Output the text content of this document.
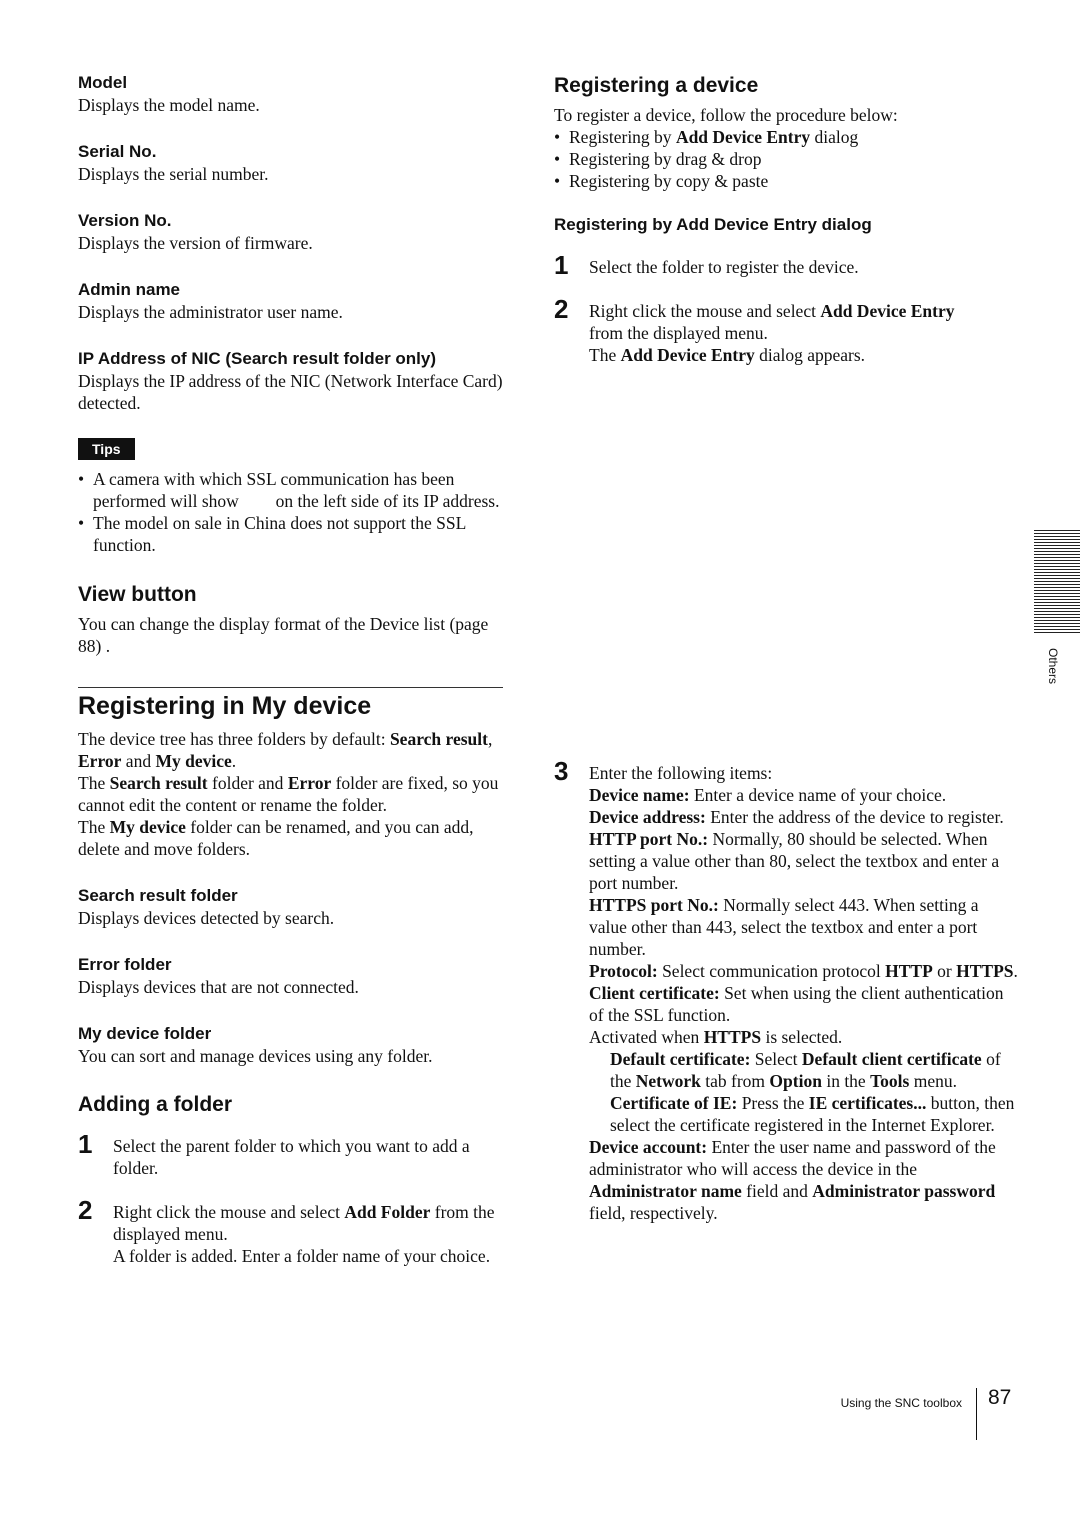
Model

Displays the model name.

Serial No.

Displays the serial number.

Version No.

Displays the version of firmware.

Admin name

Displays the administrator user name.

IP Address of NIC (Search result folder only)

Displays the IP address of the NIC (Network Interface Card) detected.

Tips
• A camera with which SSL communication has been performed will show on the left side of its IP address.
• The model on sale in China does not support the SSL function.
View button

You can change the display format of the Device list (page 88) .

Registering in My device

The device tree has three folders by default: Search result, Error and My device.

The Search result folder and Error folder are fixed, so you cannot edit the content or rename the folder.

The My device folder can be renamed, and you can add, delete and move folders.

Search result folder

Displays devices detected by search.

Error folder

Displays devices that are not connected.

My device folder

You can sort and manage devices using any folder.

Adding a folder
1 Select the parent folder to which you want to add a folder.

2 Right click the mouse and select Add Folder from the displayed menu.

A folder is added. Enter a folder name of your choice.

Registering a device

To register a device, follow the procedure below:

• Registering by Add Device Entry dialog
• Registering by drag & drop
• Registering by copy & paste
Registering by Add Device Entry dialog
1 Select the folder to register the device.

2 Right click the mouse and select Add Device Entry from the displayed menu.

The Add Device Entry dialog appears.

3 Enter the following items:

Device name: Enter a device name of your choice.

Device address: Enter the address of the device to register.

HTTP port No.: Normally, 80 should be selected. When setting a value other than 80, select the textbox and enter a port number.

HTTPS port No.: Normally select 443. When setting a value other than 443, select the textbox and enter a port number.

Protocol: Select communication protocol HTTP or HTTPS.

Client certificate: Set when using the client authentication of the SSL function.

Activated when HTTPS is selected.

Default certificate: Select Default client certificate of the Network tab from Option in the Tools menu.

Certificate of IE: Press the IE certificates... button, then select the certificate registered in the Internet Explorer.

Device account: Enter the user name and password of the administrator who will access the device in the Administrator name field and Administrator password field, respectively.

Others
Using the SNC toolbox 87
